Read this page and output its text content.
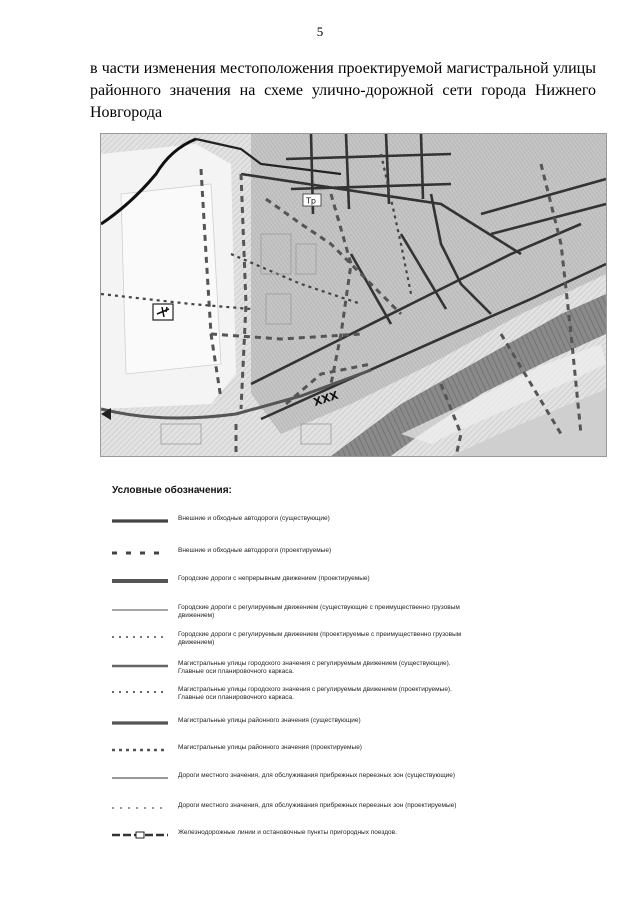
5
в части изменения местоположения проектируемой магистральной улицы
районного значения на схеме улично-дорожной сети города Нижнего
Новгорода
XXX
Тр
Условные обозначения:
Внешние и обходные автодороги (существующие)
Внешние и обходные автодороги (проектируемые)
Городские дороги с непрерывным движением (проектируемые)
Городские дороги с регулируемым движением (существующие с преимущественно грузовым движением)
Городские дороги с регулируемым движением (проектируемые с преимущественно грузовым движением)
Магистральные улицы городского значения с регулируемым движением (существующие). Главные оси планировочного каркаса.
Магистральные улицы городского значения с регулируемым движением (проектируемые). Главные оси планировочного каркаса.
Магистральные улицы районного значения (существующие)
Магистральные улицы районного значения (проектируемые)
Дороги местного значения, для обслуживания прибрежных переезных зон (существующие)
Дороги местного значения, для обслуживания прибрежных переезных зон (проектируемые)
Железнодорожные линии и остановочные пункты пригородных поездов.
